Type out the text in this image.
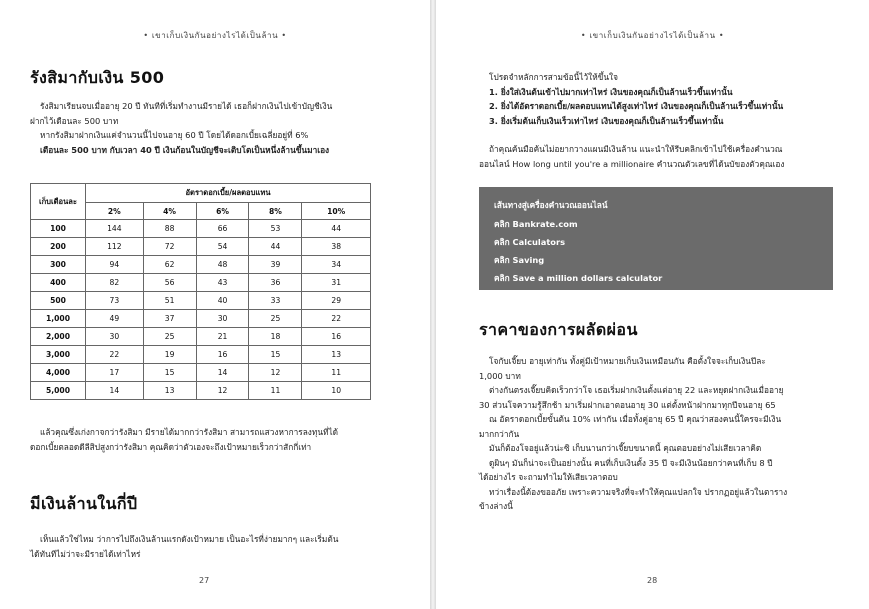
• เขาเก็บเงินกันอย่างไรได้เป็นล้าน •
รังสิมากับเงิน 500
รังสิมาเรียนจบเมื่ออายุ 20 ปี ทันทีที่เริ่มทำงานมีรายได้ เธอก็ฝากเงินไปเข้าบัญชีเงิน
ฝากไว้เดือนละ 500 บาท
หากรังสิมาฝากเงินแค่จำนวนนี้ไปจนอายุ 60 ปี โดยได้ดอกเบี้ยเฉลี่ยอยู่ที่ 6%
เดือนละ 500 บาท กับเวลา 40 ปี เงินก้อนในบัญชีจะเติบโตเป็นหนึ่งล้านขึ้นมาเอง
เก็บเดือนละ	อัตราดอกเบี้ย/ผลตอบแทน				
	2%	4%	6%	8%	10%
100	144	88	66	53	44
200	112	72	54	44	38
300	94	62	48	39	34
400	82	56	43	36	31
500	73	51	40	33	29
1,000	49	37	30	25	22
2,000	30	25	21	18	16
3,000	22	19	16	15	13
4,000	17	15	14	12	11
5,000	14	13	12	11	10
แล้วคุณซึ่งเก่งกาจกว่ารังสิมา มีรายได้มากกว่ารังสิมา สามารถแสวงหาการลงทุนที่ได้
ดอกเบี้ยตลอดดีลีสิปสูงกว่ารังสิมา คุณคิดว่าตัวเองจะถึงเป้าหมายเร็วกว่าสักกี่เท่า
มีเงินล้านในกี่ปี
เห็นแล้วใช่ไหม ว่าการไปถึงเงินล้านแรกดังเป้าหมาย เป็นอะไรที่ง่ายมากๆ และเริ่มต้น
ได้ทันทีไม่ว่าจะมีรายได้เท่าไหร่
27
• เขาเก็บเงินกันอย่างไรได้เป็นล้าน •
โปรดจำหลักการสามข้อนี้ไว้ให้ขึ้นใจ
1. ยิ่งใส่เงินต้นเข้าไปมากเท่าไหร่ เงินของคุณก็เป็นล้านเร็วขึ้นเท่านั้น
2. ยิ่งได้อัตราดอกเบี้ย/ผลตอบแทนได้สูงเท่าไหร่ เงินของคุณก็เป็นล้านเร็วขึ้นเท่านั้น
3. ยิ่งเริ่มต้นเก็บเงินเร็วเท่าไหร่ เงินของคุณก็เป็นล้านเร็วขึ้นเท่านั้น
ถ้าคุณค้นมือค้นไม่อยากวางแผนมีเงินล้าน แนะนำให้รีบคลิกเข้าไปใช้เครื่องคำนวณ
ออนไลน์ How long until you're a millionaire คำนวณตัวเลขที่ได้นบัของตัวคุณเอง
เส้นทางสู่เครื่องคำนวณออนไลน์
คลิก Bankrate.com
คลิก Calculators
คลิก Saving
คลิก Save a million dollars calculator
ราคาของการผลัดผ่อน
โจกับเจี๊ยบ อายุเท่ากัน ทั้งคู่มีเป้าหมายเก็บเงินเหมือนกัน คือตั้งใจจะเก็บเงินปีละ
1,000 บาท
ต่างกันตรงเจี๊ยบคิดเร็วกว่าโจ เธอเริ่มฝากเงินตั้งแต่อายุ 22 และหยุดฝากเงินเมื่ออายุ
30 ส่วนโจความรู้สึกช้า มาเริ่มฝากเอาตอนอายุ 30 แต่ตั้งหน้าฝากมาทุกปีจนอายุ 65
ณ อัตราดอกเบี้ยขั้นต้น 10% เท่ากัน เมื่อทั้งคู่อายุ 65 ปี คุณว่าสองคนนี้ใครจะมีเงิน
มากกว่ากัน
มันก็ต้องโจอยู่แล้วน่ะซิ เก็บนานกว่าเจี๊ยบขนาดนี้ คุณตอบอย่างไม่เสียเวลาคิด
ดูผินๆ มันก็น่าจะเป็นอย่างนั้น คนที่เก็บเงินตั้ง 35 ปี จะมีเงินน้อยกว่าคนที่เก็บ 8 ปี
ได้อย่างไร จะถามทำไมให้เสียเวลาตอบ
ทว่าเรื่องนี้ต้องขออภัย เพราะความจริงที่จะทำให้คุณแปลกใจ ปรากฏอยู่แล้วในตาราง
ข้างล่างนี้
28
